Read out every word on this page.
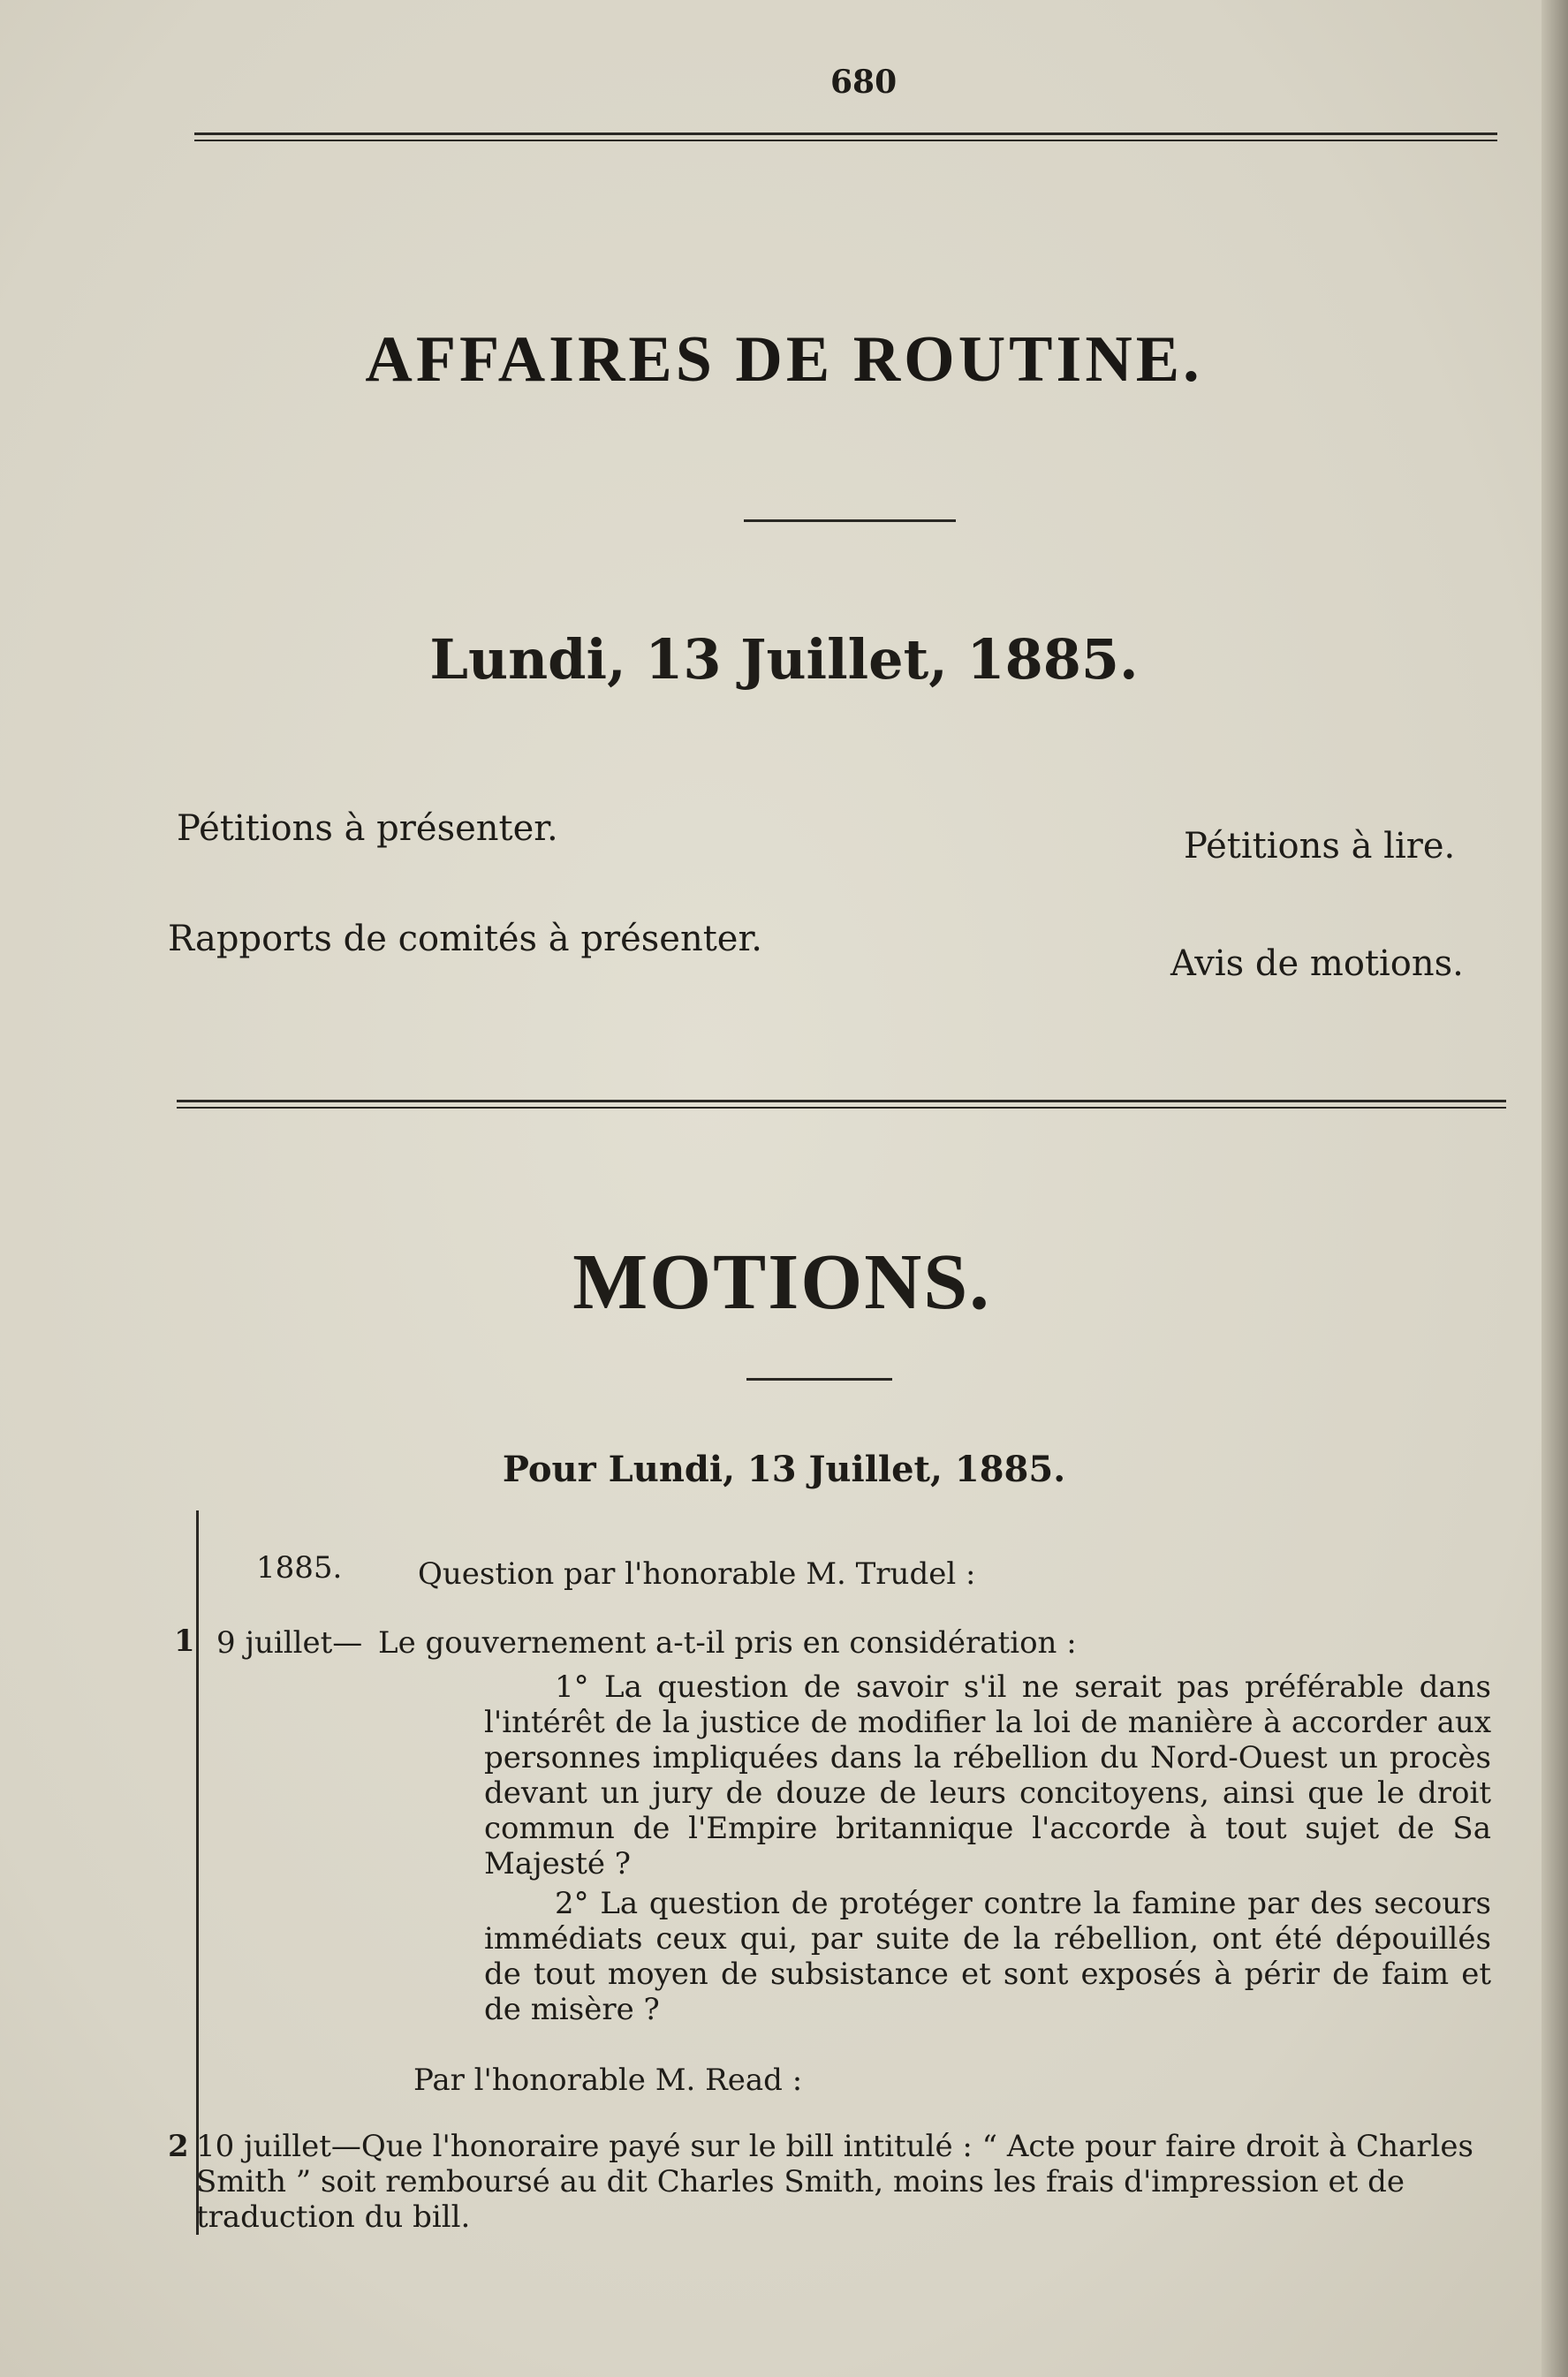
680
AFFAIRES DE ROUTINE.
Lundi, 13 Juillet, 1885.
Pétitions à présenter.	Pétitions à lire.
Rapports de comités à présenter.
Avis de motions.
MOTIONS.
Pour Lundi, 13 Juillet, 1885.
1885.	Question par l'honorable M. Trudel :
1 9 juillet— Le gouvernement a-t-il pris en considération :
1° La question de savoir s'il ne serait pas préférable dans l'intérêt de la justice de modifier la loi de manière à accorder aux personnes impliquées dans la rébellion du Nord-Ouest un procès devant un jury de douze de leurs concitoyens, ainsi que le droit commun de l'Empire britannique l'accorde à tout sujet de Sa Majesté ?
2° La question de protéger contre la famine par des secours immédiats ceux qui, par suite de la rébellion, ont été dépouillés de tout moyen de subsistance et sont exposés à périr de faim et de misère ?
Par l'honorable M. Read :
2 10 juillet—Que l'honoraire payé sur le bill intitulé : “ Acte pour faire droit à Charles Smith ” soit remboursé au dit Charles Smith, moins les frais d'impression et de traduction du bill.
